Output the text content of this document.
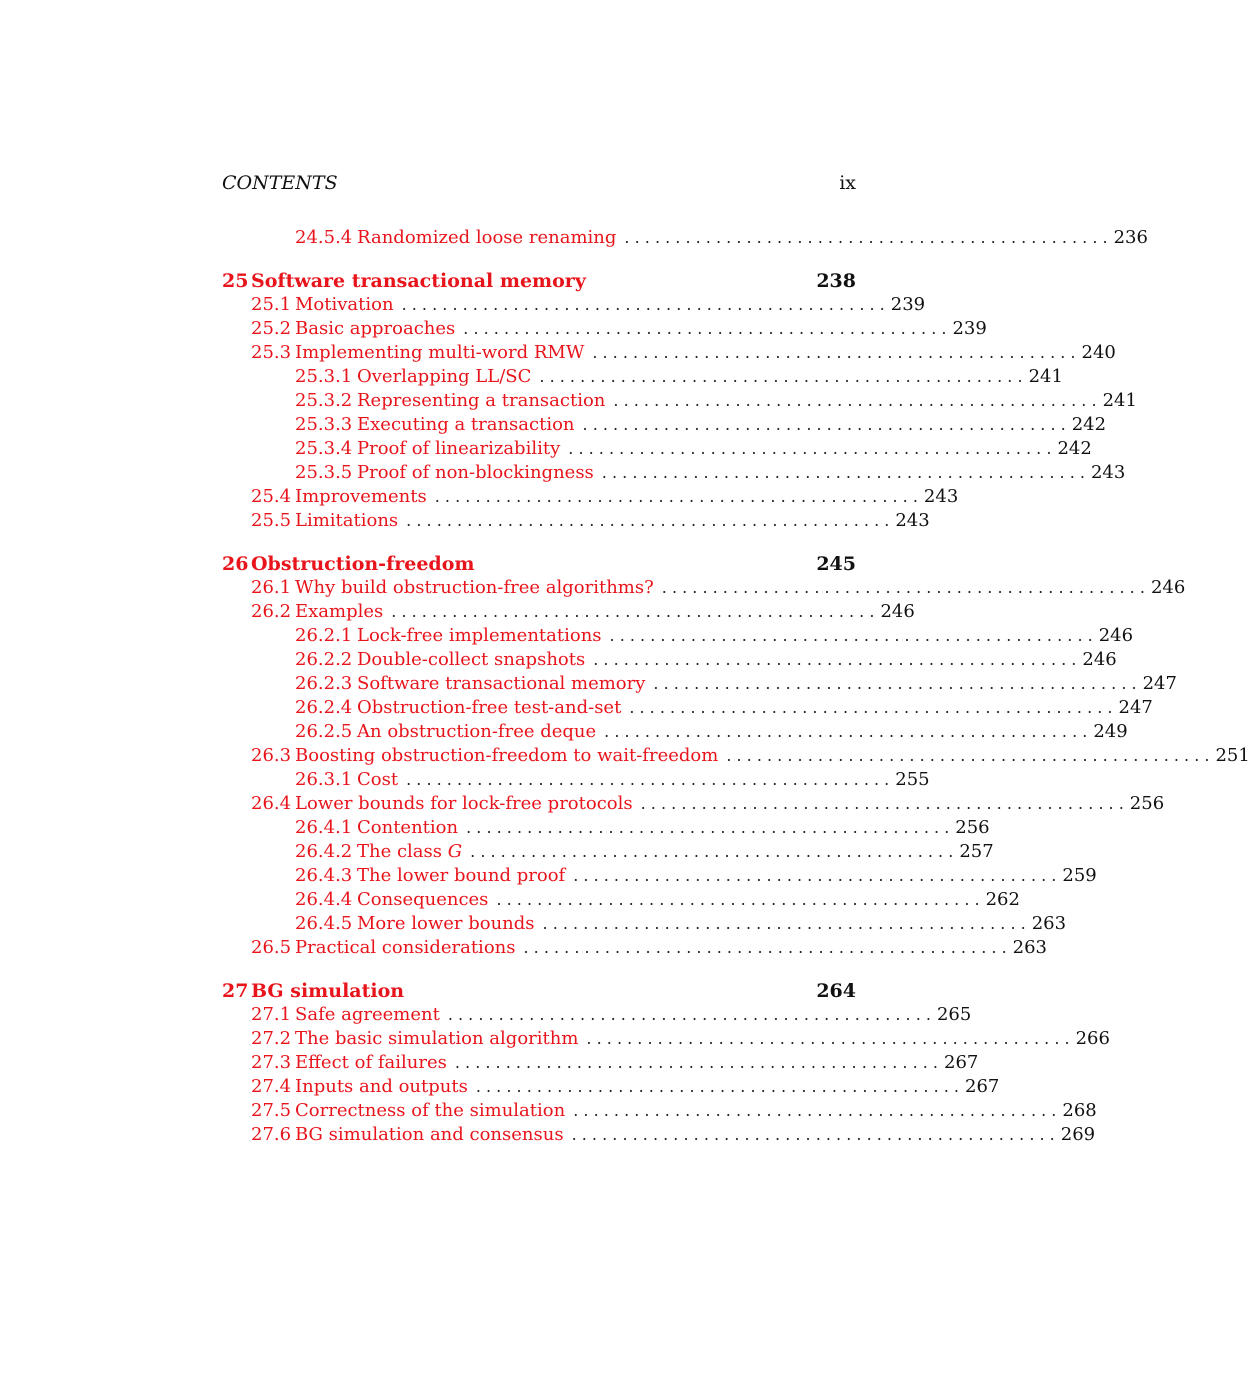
CONTENTS	ix
24.5.4 Randomized loose renaming . . . . . . . . . . . . . . . . . . . . . . . . . . . . . . . . . . . . . . . . . . . . . . . . 236
25 Software transactional memory	238
25.1 Motivation . . . . . . . . . . . . . . . . . . . . . . . . . . . . . . . . . . . . . . . . . . . . . . . . 239
25.2 Basic approaches . . . . . . . . . . . . . . . . . . . . . . . . . . . . . . . . . . . . . . . . . . . . . . . . 239
25.3 Implementing multi-word RMW . . . . . . . . . . . . . . . . . . . . . . . . . . . . . . . . . . . . . . . . . . . . . . . . 240
25.3.1 Overlapping LL/SC . . . . . . . . . . . . . . . . . . . . . . . . . . . . . . . . . . . . . . . . . . . . . . . . 241
25.3.2 Representing a transaction . . . . . . . . . . . . . . . . . . . . . . . . . . . . . . . . . . . . . . . . . . . . . . . . 241
25.3.3 Executing a transaction . . . . . . . . . . . . . . . . . . . . . . . . . . . . . . . . . . . . . . . . . . . . . . . . 242
25.3.4 Proof of linearizability . . . . . . . . . . . . . . . . . . . . . . . . . . . . . . . . . . . . . . . . . . . . . . . . 242
25.3.5 Proof of non-blockingness . . . . . . . . . . . . . . . . . . . . . . . . . . . . . . . . . . . . . . . . . . . . . . . . 243
25.4 Improvements . . . . . . . . . . . . . . . . . . . . . . . . . . . . . . . . . . . . . . . . . . . . . . . . 243
25.5 Limitations . . . . . . . . . . . . . . . . . . . . . . . . . . . . . . . . . . . . . . . . . . . . . . . . 243
26 Obstruction-freedom	245
26.1 Why build obstruction-free algorithms? . . . . . . . . . . . . . . . . . . . . . . . . . . . . . . . . . . . . . . . . . . . . . . . . 246
26.2 Examples . . . . . . . . . . . . . . . . . . . . . . . . . . . . . . . . . . . . . . . . . . . . . . . . 246
26.2.1 Lock-free implementations . . . . . . . . . . . . . . . . . . . . . . . . . . . . . . . . . . . . . . . . . . . . . . . . 246
26.2.2 Double-collect snapshots . . . . . . . . . . . . . . . . . . . . . . . . . . . . . . . . . . . . . . . . . . . . . . . . 246
26.2.3 Software transactional memory . . . . . . . . . . . . . . . . . . . . . . . . . . . . . . . . . . . . . . . . . . . . . . . . 247
26.2.4 Obstruction-free test-and-set . . . . . . . . . . . . . . . . . . . . . . . . . . . . . . . . . . . . . . . . . . . . . . . . 247
26.2.5 An obstruction-free deque . . . . . . . . . . . . . . . . . . . . . . . . . . . . . . . . . . . . . . . . . . . . . . . . 249
26.3 Boosting obstruction-freedom to wait-freedom . . . . . . . . . . . . . . . . . . . . . . . . . . . . . . . . . . . . . . . . . . . . . . . . 251
26.3.1 Cost . . . . . . . . . . . . . . . . . . . . . . . . . . . . . . . . . . . . . . . . . . . . . . . . 255
26.4 Lower bounds for lock-free protocols . . . . . . . . . . . . . . . . . . . . . . . . . . . . . . . . . . . . . . . . . . . . . . . . 256
26.4.1 Contention . . . . . . . . . . . . . . . . . . . . . . . . . . . . . . . . . . . . . . . . . . . . . . . . 256
26.4.2 The class G . . . . . . . . . . . . . . . . . . . . . . . . . . . . . . . . . . . . . . . . . . . . . . . . 257
26.4.3 The lower bound proof . . . . . . . . . . . . . . . . . . . . . . . . . . . . . . . . . . . . . . . . . . . . . . . . 259
26.4.4 Consequences . . . . . . . . . . . . . . . . . . . . . . . . . . . . . . . . . . . . . . . . . . . . . . . . 262
26.4.5 More lower bounds . . . . . . . . . . . . . . . . . . . . . . . . . . . . . . . . . . . . . . . . . . . . . . . . 263
26.5 Practical considerations . . . . . . . . . . . . . . . . . . . . . . . . . . . . . . . . . . . . . . . . . . . . . . . . 263
27 BG simulation	264
27.1 Safe agreement . . . . . . . . . . . . . . . . . . . . . . . . . . . . . . . . . . . . . . . . . . . . . . . . 265
27.2 The basic simulation algorithm . . . . . . . . . . . . . . . . . . . . . . . . . . . . . . . . . . . . . . . . . . . . . . . . 266
27.3 Effect of failures . . . . . . . . . . . . . . . . . . . . . . . . . . . . . . . . . . . . . . . . . . . . . . . . 267
27.4 Inputs and outputs . . . . . . . . . . . . . . . . . . . . . . . . . . . . . . . . . . . . . . . . . . . . . . . . 267
27.5 Correctness of the simulation . . . . . . . . . . . . . . . . . . . . . . . . . . . . . . . . . . . . . . . . . . . . . . . . 268
27.6 BG simulation and consensus . . . . . . . . . . . . . . . . . . . . . . . . . . . . . . . . . . . . . . . . . . . . . . . . 269
